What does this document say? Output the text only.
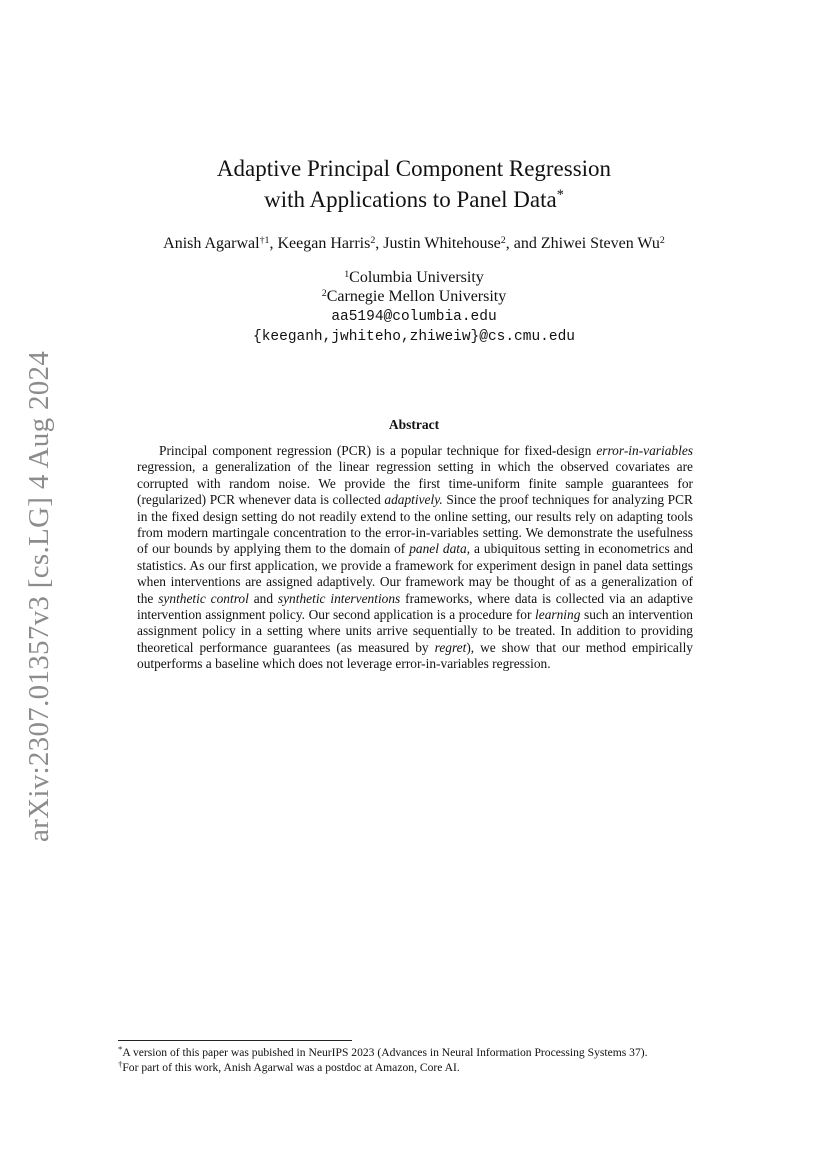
arXiv:2307.01357v3 [cs.LG] 4 Aug 2024
Adaptive Principal Component Regression
with Applications to Panel Data*
Anish Agarwal$^{\dagger 1}$, Keegan Harris$^2$, Justin Whitehouse$^2$, and Zhiwei Steven Wu$^2$
$^1$Columbia University
$^2$Carnegie Mellon University
aa5194@columbia.edu
{keeganh,jwhiteho,zhiweiw}@cs.cmu.edu
Abstract

Principal component regression (PCR) is a popular technique for fixed-design error-in-variables regression, a generalization of the linear regression setting in which the observed covariates are corrupted with random noise. We provide the first time-uniform finite sample guarantees for (regularized) PCR whenever data is collected adaptively. Since the proof techniques for analyzing PCR in the fixed design setting do not readily extend to the online setting, our results rely on adapting tools from modern martingale concentration to the error-in-variables setting. We demonstrate the usefulness of our bounds by applying them to the domain of panel data, a ubiquitous setting in econometrics and statistics. As our first application, we provide a framework for experiment design in panel data settings when interventions are assigned adaptively. Our framework may be thought of as a generalization of the synthetic control and synthetic interventions frameworks, where data is collected via an adaptive intervention assignment policy. Our second application is a procedure for learning such an intervention assignment policy in a setting where units arrive sequentially to be treated. In addition to providing theoretical performance guarantees (as measured by regret), we show that our method empirically outperforms a baseline which does not leverage error-in-variables regression.

*A version of this paper was pubished in NeurIPS 2023 (Advances in Neural Information Processing Systems 37).
†For part of this work, Anish Agarwal was a postdoc at Amazon, Core AI.
